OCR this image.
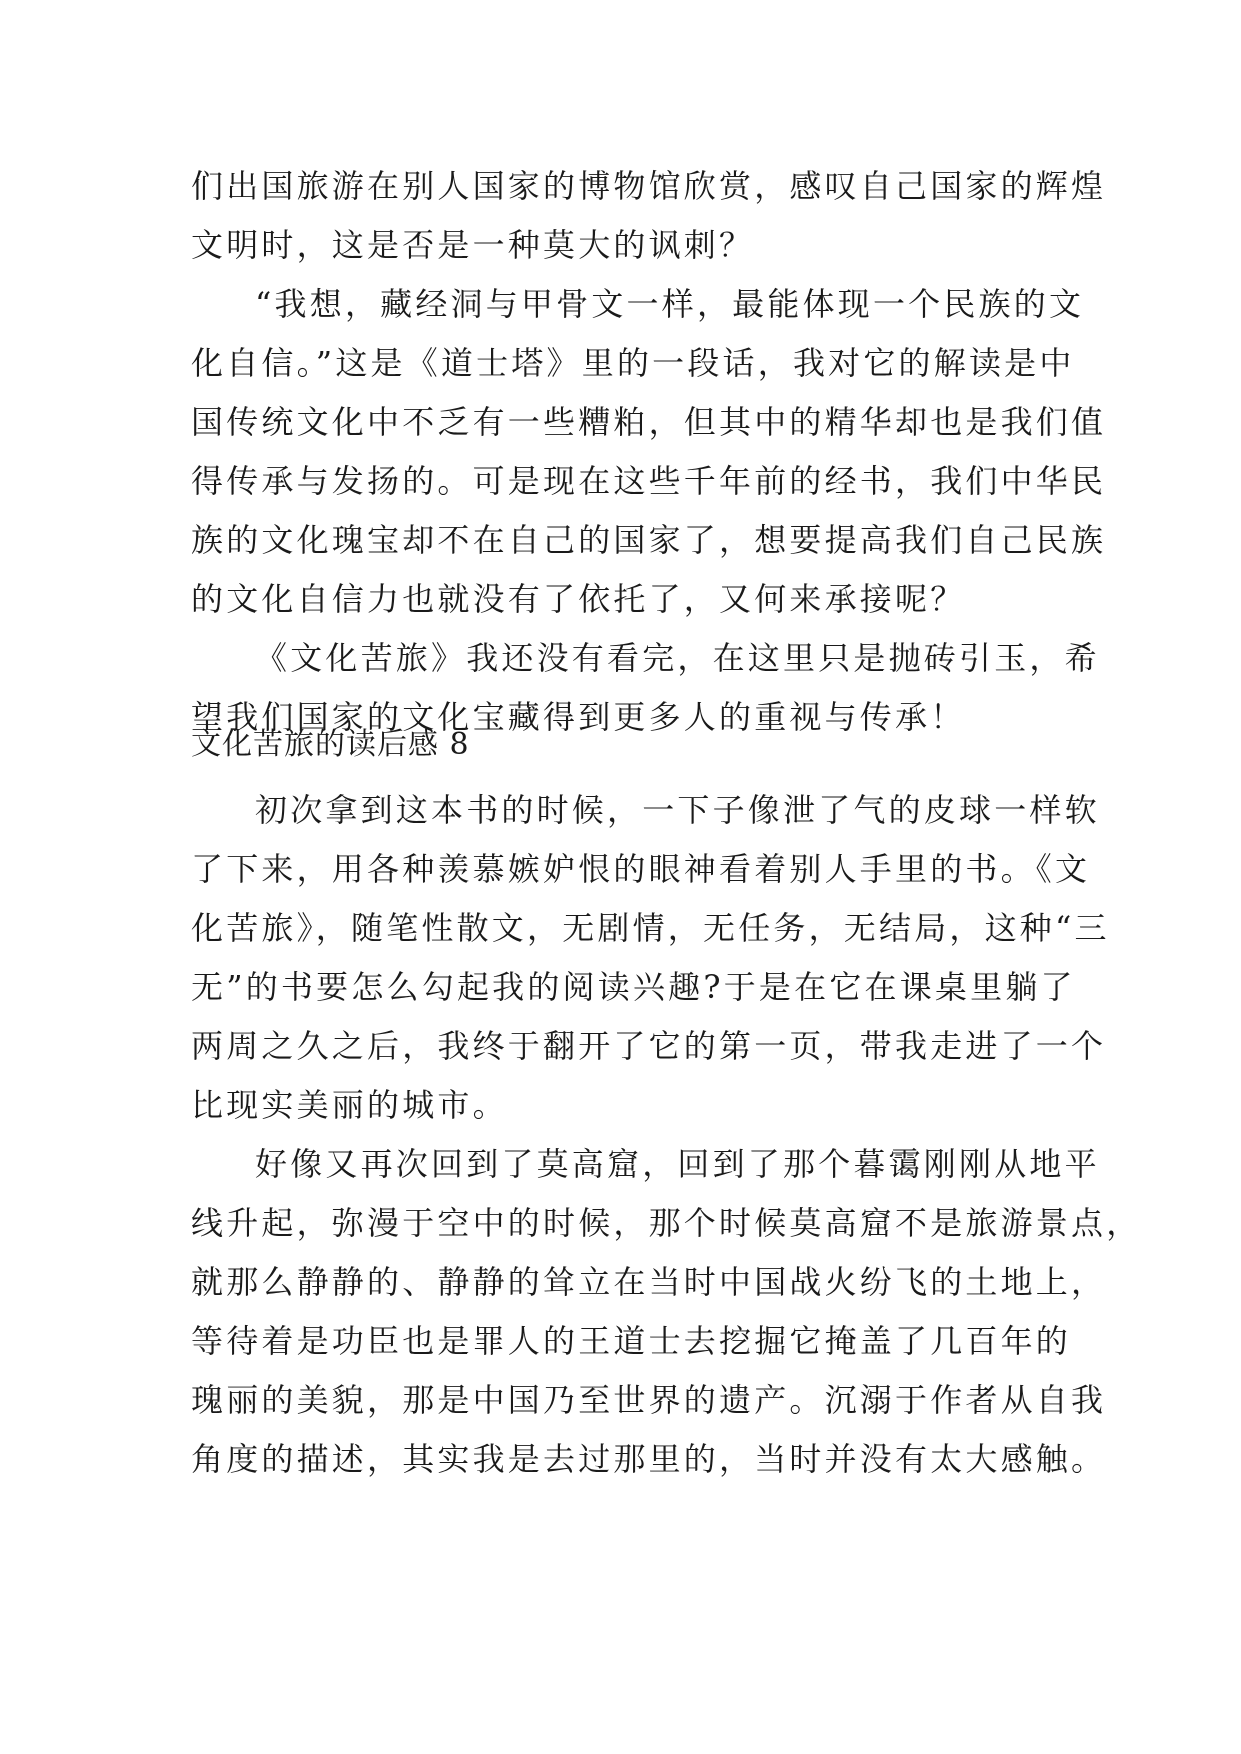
们出国旅游在别人国家的博物馆欣赏，感叹自己国家的辉煌
文明时，这是否是一种莫大的讽刺？
“我想，藏经洞与甲骨文一样，最能体现一个民族的文
化自信。”这是《道士塔》里的一段话，我对它的解读是中
国传统文化中不乏有一些糟粕，但其中的精华却也是我们值
得传承与发扬的。可是现在这些千年前的经书，我们中华民
族的文化瑰宝却不在自己的国家了，想要提高我们自己民族
的文化自信力也就没有了依托了，又何来承接呢？
《文化苦旅》我还没有看完，在这里只是抛砖引玉，希
望我们国家的文化宝藏得到更多人的重视与传承！
文化苦旅的读后感 8
初次拿到这本书的时候，一下子像泄了气的皮球一样软
了下来，用各种羡慕嫉妒恨的眼神看着别人手里的书。《文
化苦旅》，随笔性散文，无剧情，无任务，无结局，这种“三
无”的书要怎么勾起我的阅读兴趣?于是在它在课桌里躺了
两周之久之后，我终于翻开了它的第一页，带我走进了一个
比现实美丽的城市。
好像又再次回到了莫高窟，回到了那个暮霭刚刚从地平
线升起，弥漫于空中的时候，那个时候莫高窟不是旅游景点，
就那么静静的、静静的耸立在当时中国战火纷飞的土地上，
等待着是功臣也是罪人的王道士去挖掘它掩盖了几百年的
瑰丽的美貌，那是中国乃至世界的遗产。沉溺于作者从自我
角度的描述，其实我是去过那里的，当时并没有太大感触。
